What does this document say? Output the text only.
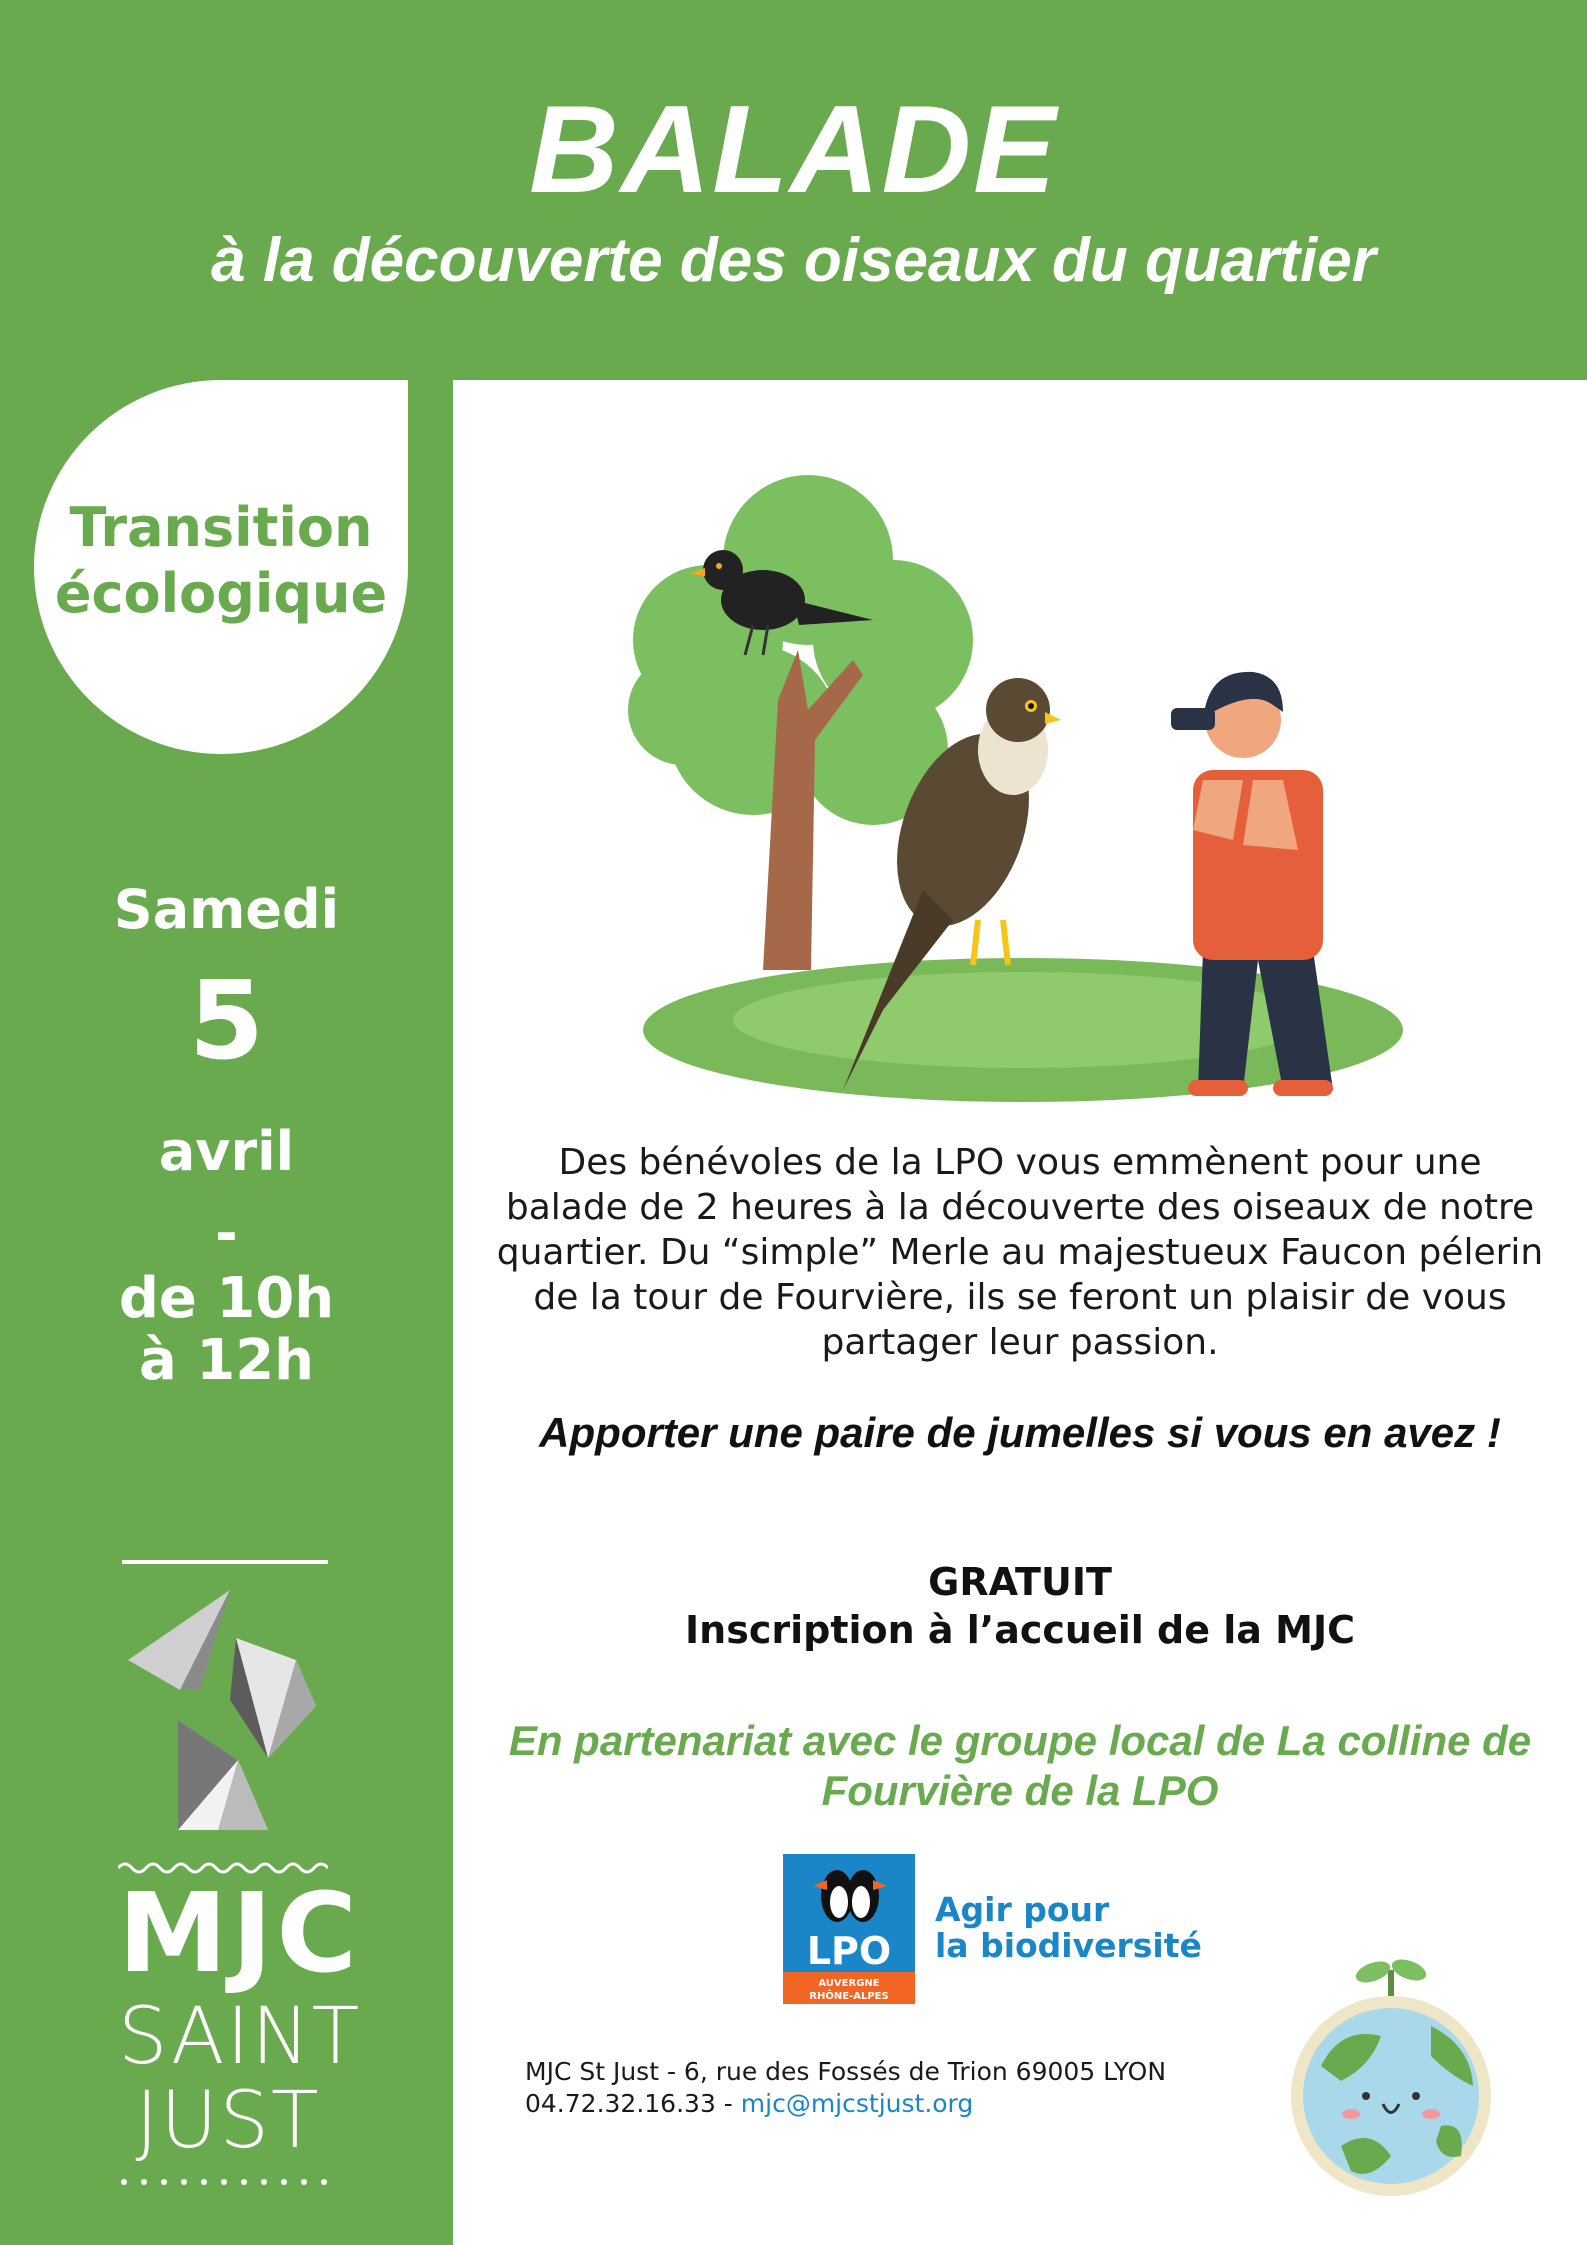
BALADE
à la découverte des oiseaux du quartier
Transition
écologique
Samedi
5
avril
-
de 10h
à 12h
MJC
SAINT
JUST
Des bénévoles de la LPO vous emmènent pour une balade de 2 heures à la découverte des oiseaux de notre quartier. Du “simple” Merle au majestueux Faucon pélerin de la tour de Fourvière, ils se feront un plaisir de vous partager leur passion.
Apporter une paire de jumelles si vous en avez !
GRATUIT
Inscription à l’accueil de la MJC
En partenariat avec le groupe local de La colline de Fourvière de la LPO
LPO
AUVERGNE
RHÔNE-ALPES
Agir pour
la biodiversité
MJC St Just - 6, rue des Fossés de Trion 69005 LYON
04.72.32.16.33 - mjc@mjcstjust.org
